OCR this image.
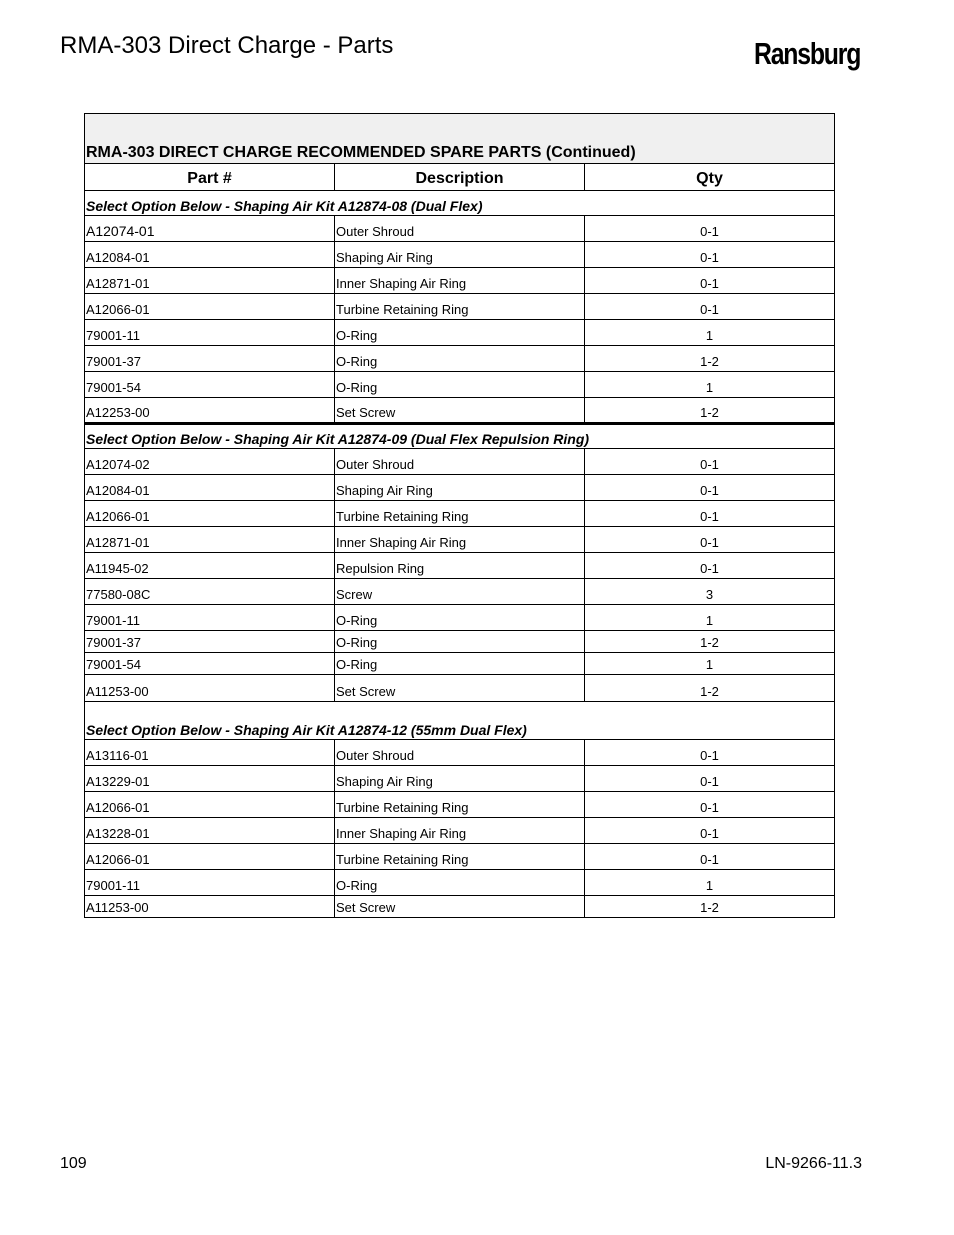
RMA-303 Direct Charge - Parts	Ransburg
RMA-303 DIRECT CHARGE RECOMMENDED SPARE PARTS (Continued)		
Part #	Description	Qty
Select Option Below - Shaping Air Kit A12874-08 (Dual Flex)		
A12074-01	Outer Shroud	0-1
A12084-01	Shaping Air Ring	0-1
A12871-01	Inner Shaping Air Ring	0-1
A12066-01	Turbine Retaining Ring	0-1
79001-11	O-Ring	1
79001-37	O-Ring	1-2
79001-54	O-Ring	1
A12253-00	Set Screw	1-2
Select Option Below - Shaping Air Kit A12874-09 (Dual Flex Repulsion Ring)		
A12074-02	Outer Shroud	0-1
A12084-01	Shaping Air Ring	0-1
A12066-01	Turbine Retaining Ring	0-1
A12871-01	Inner Shaping Air Ring	0-1
A11945-02	Repulsion Ring	0-1
77580-08C	Screw	3
79001-11	O-Ring	1
79001-37	O-Ring	1-2
79001-54	O-Ring	1
A11253-00	Set Screw	1-2
Select Option Below - Shaping Air Kit A12874-12 (55mm Dual Flex)		
A13116-01	Outer Shroud	0-1
A13229-01	Shaping Air Ring	0-1
A12066-01	Turbine Retaining Ring	0-1
A13228-01	Inner Shaping Air Ring	0-1
A12066-01	Turbine Retaining Ring	0-1
79001-11	O-Ring	1
A11253-00	Set Screw	1-2
109	LN-9266-11.3
